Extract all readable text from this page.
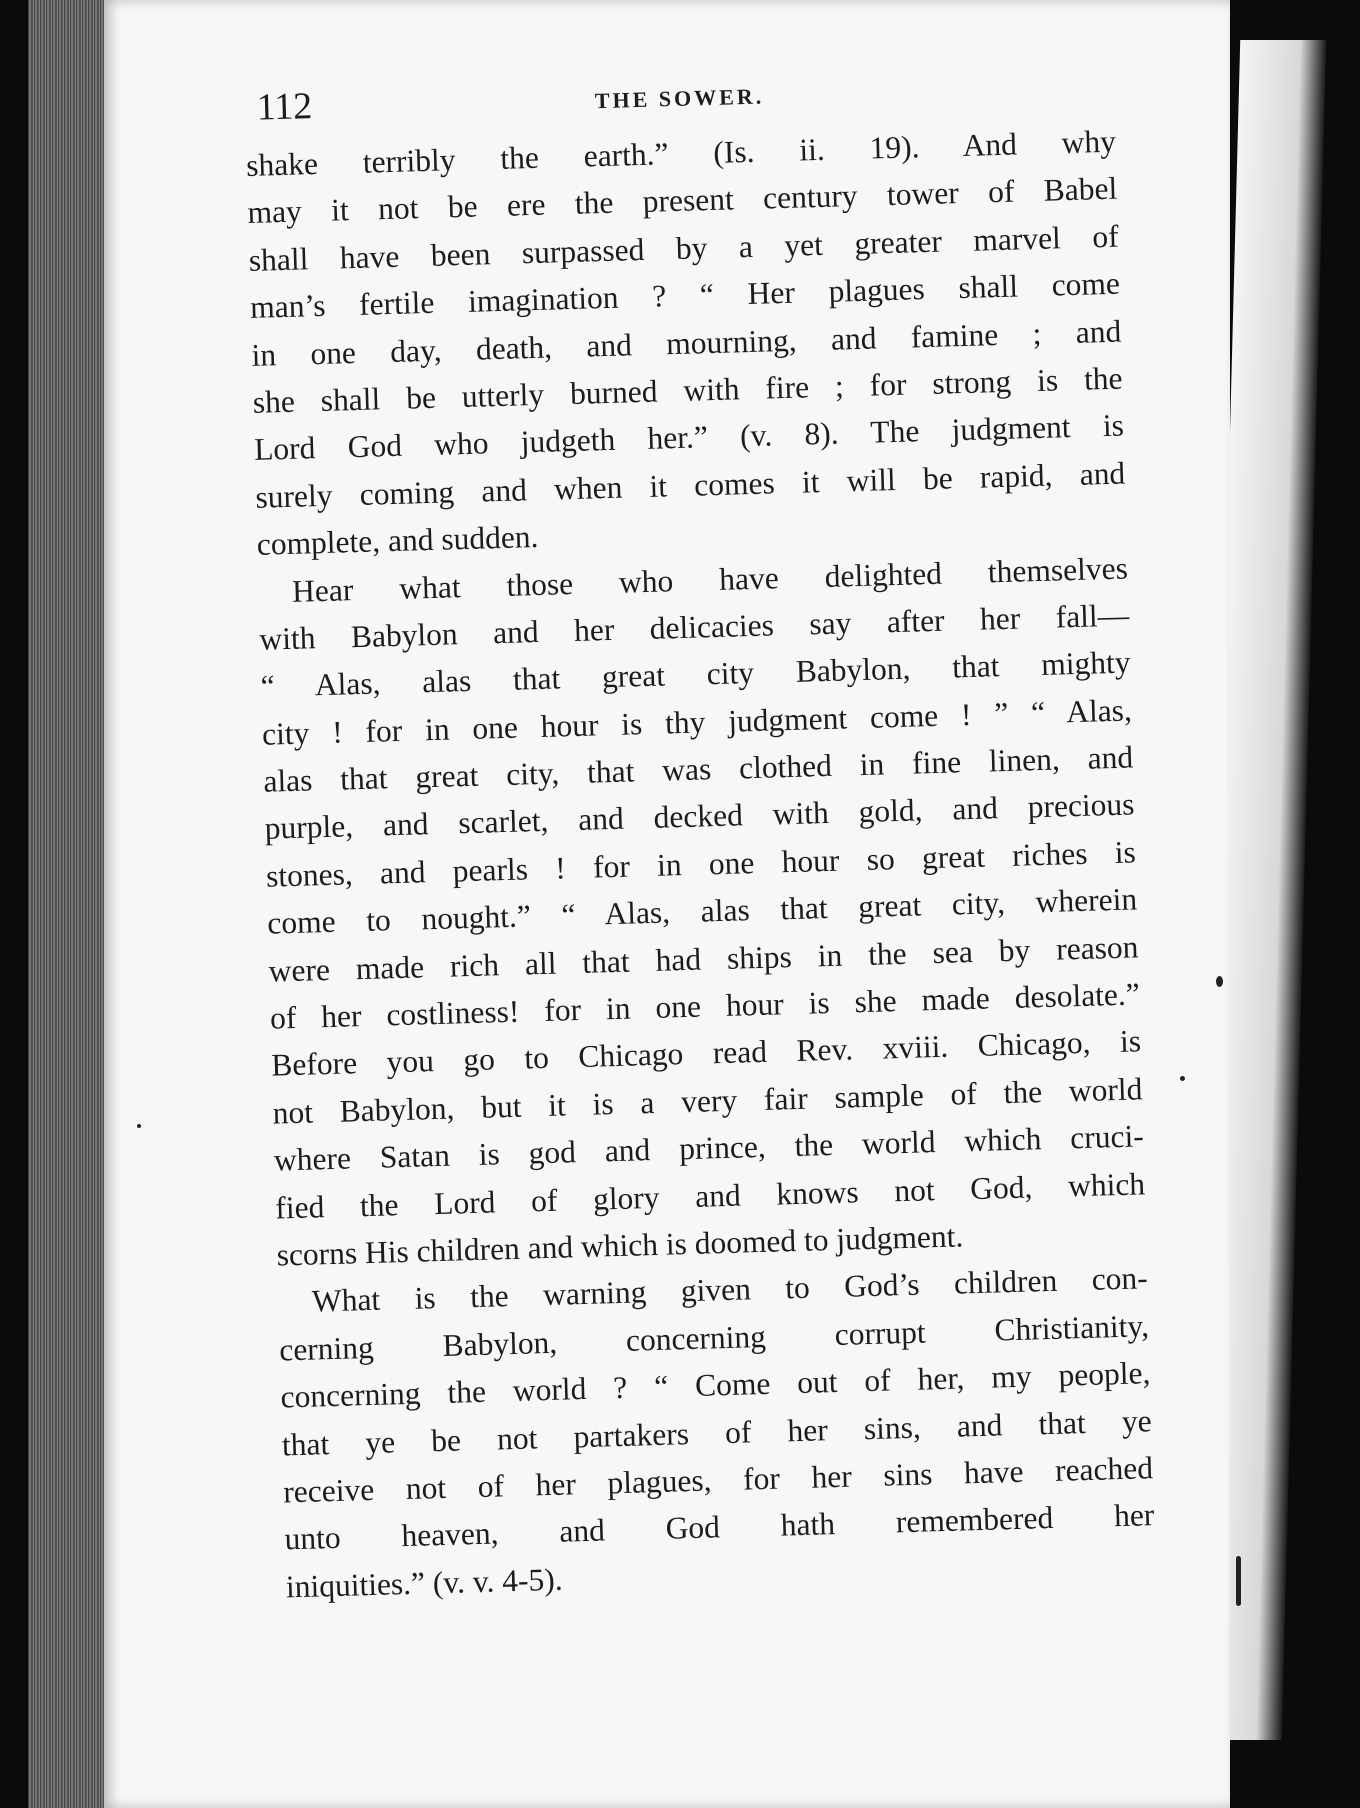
112	THE SOWER.
shake terribly the earth.” (Is. ii. 19). And why
may it not be ere the present century tower of Babel
shall have been surpassed by a yet greater marvel of
man’s fertile imagination ? “ Her plagues shall come
in one day, death, and mourning, and famine ; and
she shall be utterly burned with fire ; for strong is the
Lord God who judgeth her.” (v. 8). The judgment is
surely coming and when it comes it will be rapid, and
complete, and sudden.
Hear what those who have delighted themselves
with Babylon and her delicacies say after her fall—
“ Alas, alas that great city Babylon, that mighty
city ! for in one hour is thy judgment come ! ” “ Alas,
alas that great city, that was clothed in fine linen, and
purple, and scarlet, and decked with gold, and precious
stones, and pearls ! for in one hour so great riches is
come to nought.” “ Alas, alas that great city, wherein
were made rich all that had ships in the sea by reason
of her costliness! for in one hour is she made desolate.”
Before you go to Chicago read Rev. xviii. Chicago, is
not Babylon, but it is a very fair sample of the world
where Satan is god and prince, the world which cruci-
fied the Lord of glory and knows not God, which
scorns His children and which is doomed to judgment.
What is the warning given to God’s children con-
cerning Babylon, concerning corrupt Christianity,
concerning the world ? “ Come out of her, my people,
that ye be not partakers of her sins, and that ye
receive not of her plagues, for her sins have reached
unto heaven, and God hath remembered her
iniquities.” (v. v. 4-5).
